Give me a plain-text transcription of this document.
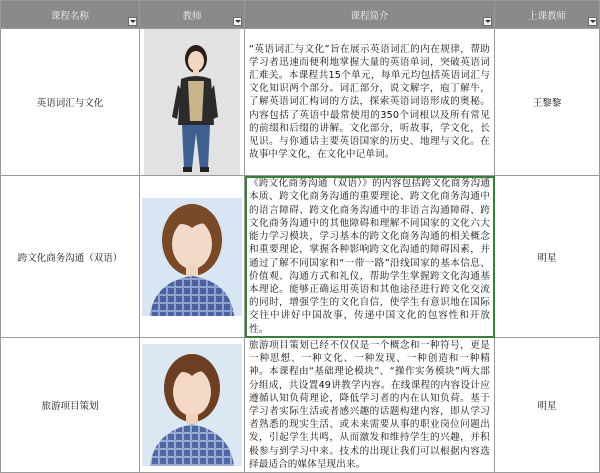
课程名称	教师	课程简介	上课教师

英语词汇与文化		“英语词汇与文化”旨在展示英语词汇的内在规律，帮助学习者迅速而便利地掌握大量的英语单词，突破英语词汇难关。本课程共15个单元，每单元均包括英语词汇与文化知识两个部分。词汇部分，说文解字，庖丁解牛，了解英语词汇构词的方法，探索英语词语形成的奥秘。内容包括了英语中最常使用的350个词根以及所有常见的前缀和后缀的讲解。文化部分，听故事，学文化，长见识。与你通话主要英语国家的历史、地理与文化。在故事中学文化，在文化中记单词。	王黎黎
跨文化商务沟通（双语）		《跨文化商务沟通（双语）》的内容包括跨文化商务沟通本质、跨文化商务沟通的重要理论、跨文化商务沟通中的语言障碍、跨文化商务沟通中的非语言沟通障碍、跨文化商务沟通中的其他障碍和理解不同国家的文化六大能力学习模块，学习基本的跨文化商务沟通的相关概念和重要理论，掌握各种影响跨文化沟通的障碍因素，并通过了解不同国家和“一带一路”沿线国家的基本信息、价值观、沟通方式和礼仪，帮助学生掌握跨文化沟通基本理论。能够正确运用英语和其他途径进行跨文化交流的同时，增强学生的文化自信，使学生有意识地在国际交往中讲好中国故事，传递中国文化的包容性和开放性。	明星
旅游项目策划		旅游项目策划已经不仅仅是一个概念和一种符号，更是一种思想、一种文化、一种发现、一种创造和一种精神。本课程由“基础理论模块”、“操作实务模块”两大部分组成，共设置49讲教学内容。在线课程的内容设计应遵循认知负荷理论，降低学习者的内在认知负荷。基于学习者实际生活或者感兴趣的话题构建内容，即从学习者熟悉的现实生活、或未来需要从事的职业岗位问题出发，引起学生共鸣，从而激发和维持学生的兴趣，并积极参与到学习中来。技术的出现让我们可以根据内容选择最适合的媒体呈现出来。	明星
